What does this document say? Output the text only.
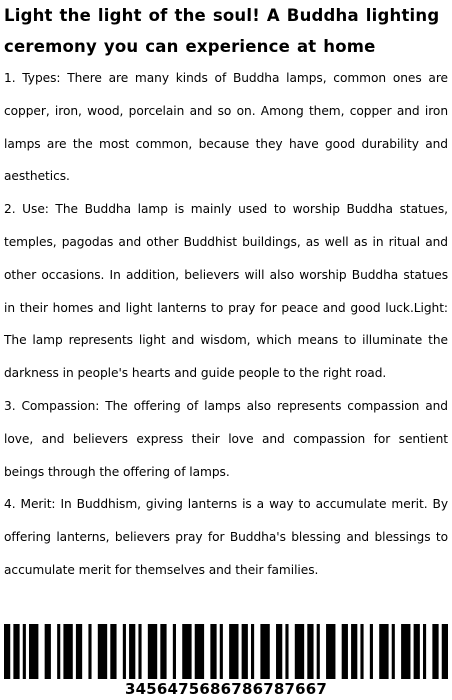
Light the light of the soul! A Buddha lighting ceremony you can experience at home

1. Types: There are many kinds of Buddha lamps, common ones are copper, iron, wood, porcelain and so on. Among them, copper and iron lamps are the most common, because they have good durability and aesthetics.

2. Use: The Buddha lamp is mainly used to worship Buddha statues, temples, pagodas and other Buddhist buildings, as well as in ritual and other occasions. In addition, believers will also worship Buddha statues in their homes and light lanterns to pray for peace and good luck.Light: The lamp represents light and wisdom, which means to illuminate the darkness in people's hearts and guide people to the right road.

3. Compassion: The offering of lamps also represents compassion and love, and believers express their love and compassion for sentient beings through the offering of lamps.

4. Merit: In Buddhism, giving lanterns is a way to accumulate merit. By offering lanterns, believers pray for Buddha's blessing and blessings to accumulate merit for themselves and their families.

3456475686786787667
